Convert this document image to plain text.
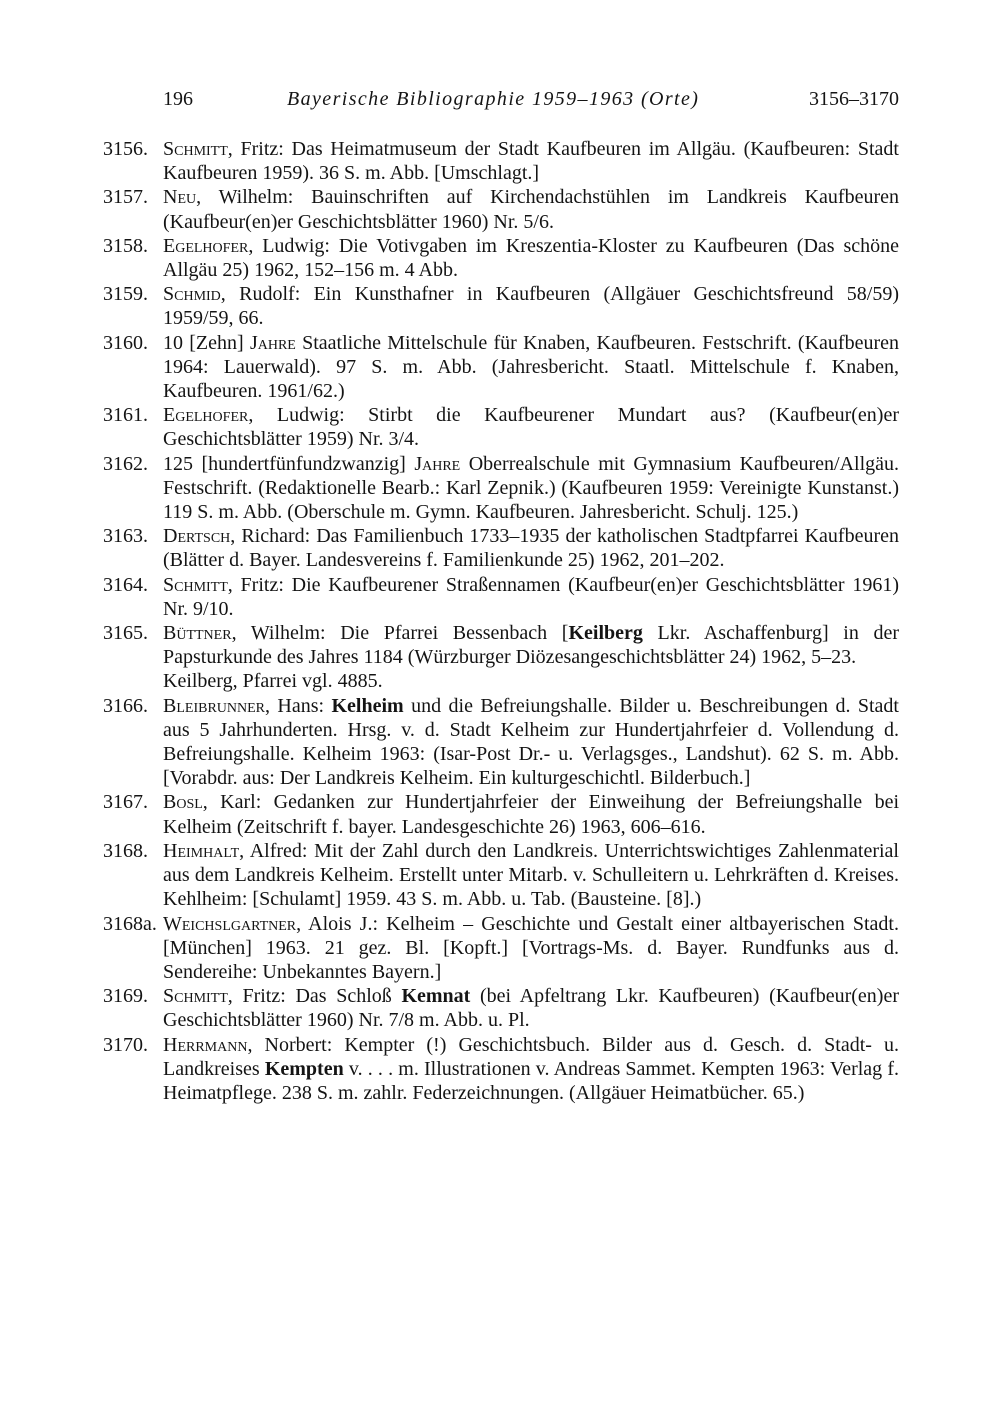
196	Bayerische Bibliographie 1959–1963 (Orte)	3156–3170
3156. Schmitt, Fritz: Das Heimatmuseum der Stadt Kaufbeuren im Allgäu. (Kaufbeuren: Stadt Kaufbeuren 1959). 36 S. m. Abb. [Umschlagt.]
3157. Neu, Wilhelm: Bauinschriften auf Kirchendachstühlen im Landkreis Kaufbeuren (Kaufbeur(en)er Geschichtsblätter 1960) Nr. 5/6.
3158. Egelhofer, Ludwig: Die Votivgaben im Kreszentia-Kloster zu Kaufbeuren (Das schöne Allgäu 25) 1962, 152–156 m. 4 Abb.
3159. Schmid, Rudolf: Ein Kunsthafner in Kaufbeuren (Allgäuer Geschichtsfreund 58/59) 1959/59, 66.
3160. 10 [Zehn] Jahre Staatliche Mittelschule für Knaben, Kaufbeuren. Festschrift. (Kaufbeuren 1964: Lauerwald). 97 S. m. Abb. (Jahresbericht. Staatl. Mittelschule f. Knaben, Kaufbeuren. 1961/62.)
3161. Egelhofer, Ludwig: Stirbt die Kaufbeurener Mundart aus? (Kaufbeur(en)er Geschichtsblätter 1959) Nr. 3/4.
3162. 125 [hundertfünfundzwanzig] Jahre Oberrealschule mit Gymnasium Kaufbeuren/Allgäu. Festschrift. (Redaktionelle Bearb.: Karl Zepnik.) (Kaufbeuren 1959: Vereinigte Kunstanst.) 119 S. m. Abb. (Oberschule m. Gymn. Kaufbeuren. Jahresbericht. Schulj. 125.)
3163. Dertsch, Richard: Das Familienbuch 1733–1935 der katholischen Stadtpfarrei Kaufbeuren (Blätter d. Bayer. Landesvereins f. Familienkunde 25) 1962, 201–202.
3164. Schmitt, Fritz: Die Kaufbeurener Straßennamen (Kaufbeur(en)er Geschichtsblätter 1961) Nr. 9/10.
3165. Büttner, Wilhelm: Die Pfarrei Bessenbach [Keilberg Lkr. Aschaffenburg] in der Papsturkunde des Jahres 1184 (Würzburger Diözesangeschichtsblätter 24) 1962, 5–23.
Keilberg, Pfarrei vgl. 4885.
3166. Bleibrunner, Hans: Kelheim und die Befreiungshalle. Bilder u. Beschreibungen d. Stadt aus 5 Jahrhunderten. Hrsg. v. d. Stadt Kelheim zur Hundertjahrfeier d. Vollendung d. Befreiungshalle. Kelheim 1963: (Isar-Post Dr.- u. Verlagsges., Landshut). 62 S. m. Abb. [Vorabdr. aus: Der Landkreis Kelheim. Ein kulturgeschichtl. Bilderbuch.]
3167. Bosl, Karl: Gedanken zur Hundertjahrfeier der Einweihung der Befreiungshalle bei Kelheim (Zeitschrift f. bayer. Landesgeschichte 26) 1963, 606–616.
3168. Heimhalt, Alfred: Mit der Zahl durch den Landkreis. Unterrichtswichtiges Zahlenmaterial aus dem Landkreis Kelheim. Erstellt unter Mitarb. v. Schulleitern u. Lehrkräften d. Kreises. Kehlheim: [Schulamt] 1959. 43 S. m. Abb. u. Tab. (Bausteine. [8].)
3168a. Weichslgartner, Alois J.: Kelheim – Geschichte und Gestalt einer altbayerischen Stadt. [München] 1963. 21 gez. Bl. [Kopft.] [Vortrags-Ms. d. Bayer. Rundfunks aus d. Sendereihe: Unbekanntes Bayern.]
3169. Schmitt, Fritz: Das Schloß Kemnat (bei Apfeltrang Lkr. Kaufbeuren) (Kaufbeur(en)er Geschichtsblätter 1960) Nr. 7/8 m. Abb. u. Pl.
3170. Herrmann, Norbert: Kempter (!) Geschichtsbuch. Bilder aus d. Gesch. d. Stadt- u. Landkreises Kempten v. . . . m. Illustrationen v. Andreas Sammet. Kempten 1963: Verlag f. Heimatpflege. 238 S. m. zahlr. Federzeichnungen. (Allgäuer Heimatbücher. 65.)
